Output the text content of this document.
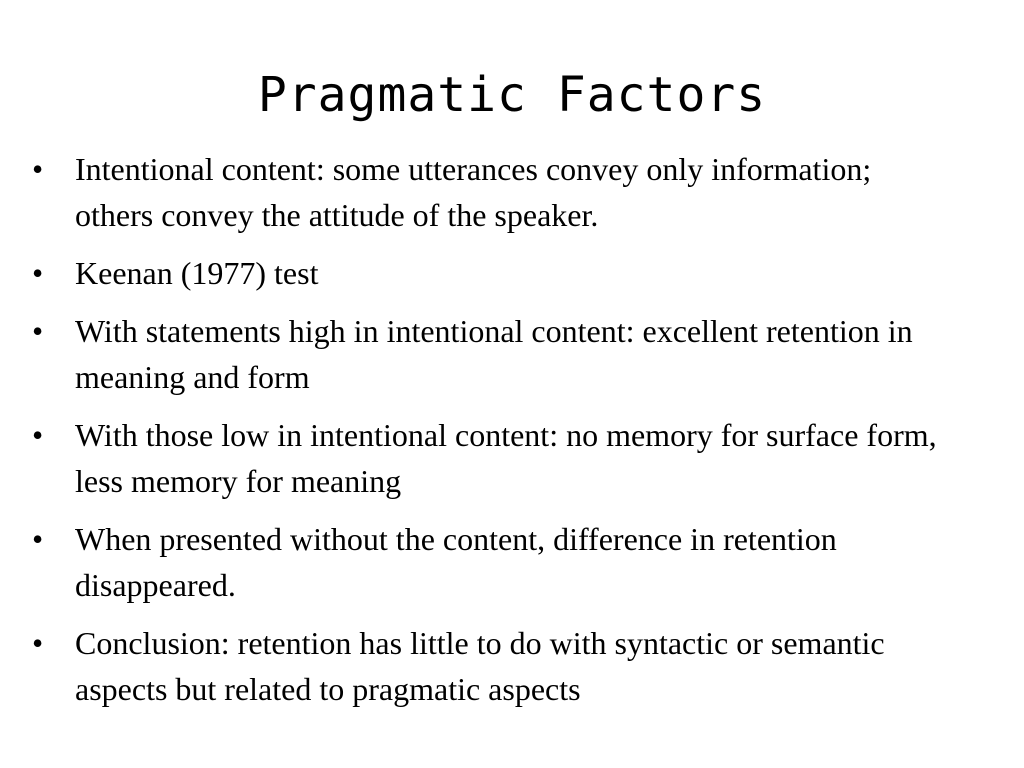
Pragmatic Factors
• Intentional content: some utterances convey only information; others convey the attitude of the speaker.
• Keenan (1977) test
• With statements high in intentional content: excellent retention in meaning and form
• With those low in intentional content: no memory for surface form, less memory for meaning
• When presented without the content, difference in retention disappeared.
• Conclusion: retention has little to do with syntactic or semantic aspects but related to pragmatic aspects
